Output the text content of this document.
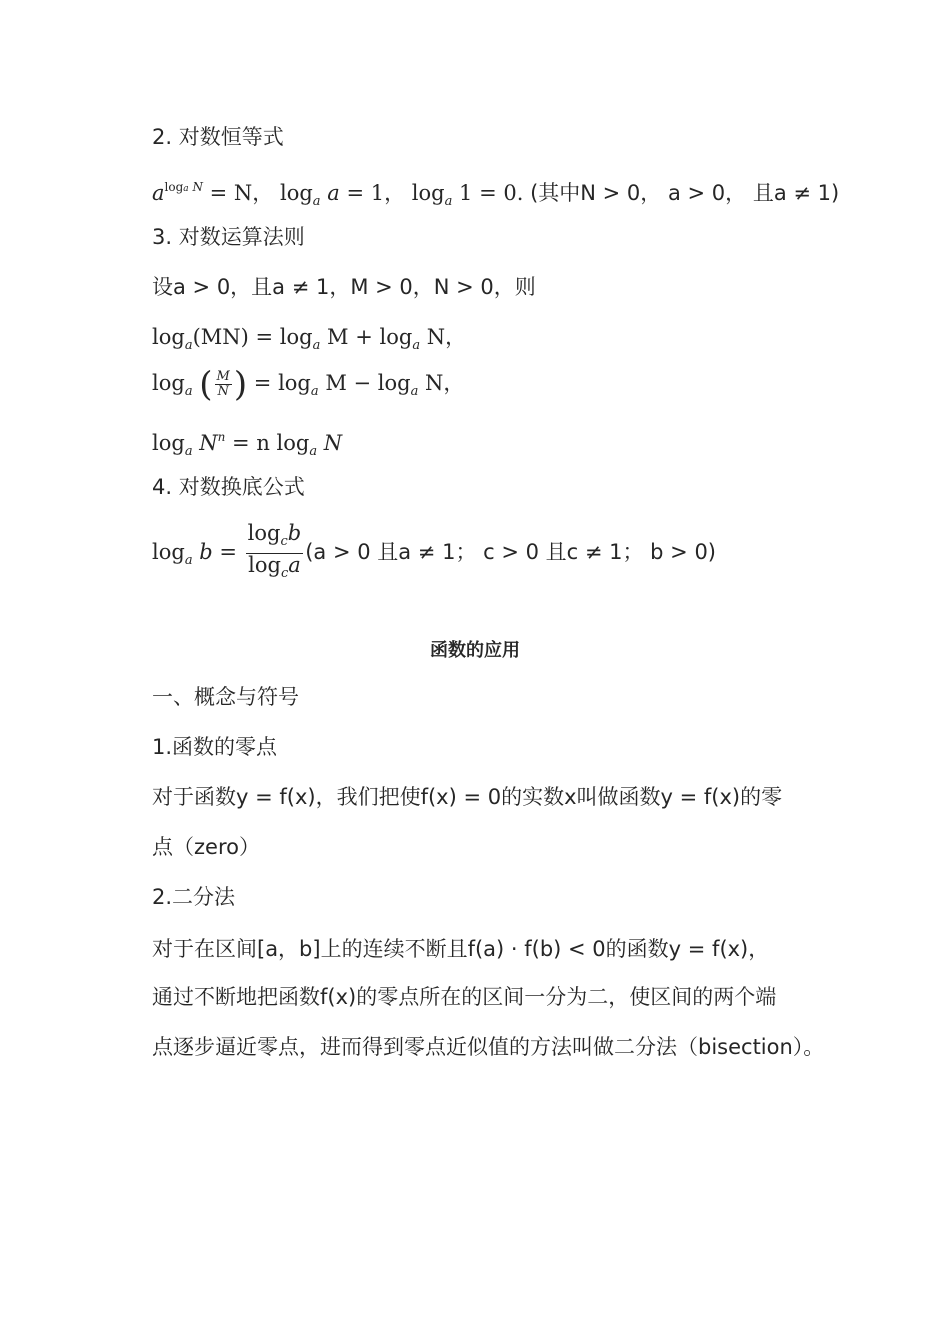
2. 对数恒等式
$a^{loga N} = N$， $\log_a a = 1$， $\log_a 1 = 0$. (其中N > 0， a > 0， 且a ≠ 1)
3. 对数运算法则
设a > 0，且a ≠ 1，M > 0，N > 0，则
$\log_a(MN) = \log_a M + \log_a N$，
$\log_a$ ( $\frac{M}{N}$ ) = $\log_a M - \log_a N$，
$\log_a N^n = n$ $\log_a N$
4. 对数换底公式
$\log_a b = \frac{\log_cb}{\log_ca} (a > 0$ 且a ≠ 1； c > 0 且c ≠ 1； b > 0)
函数的应用
一、概念与符号
1.函数的零点
对于函数y = f(x)，我们把使f(x) = 0的实数x叫做函数y = f(x)的零
点（zero）
2.二分法
对于在区间[a，b]上的连续不断且f(a) · f(b) < 0的函数y = f(x)，
通过不断地把函数f(x)的零点所在的区间一分为二，使区间的两个端
点逐步逼近零点，进而得到零点近似值的方法叫做二分法（bisection）。
